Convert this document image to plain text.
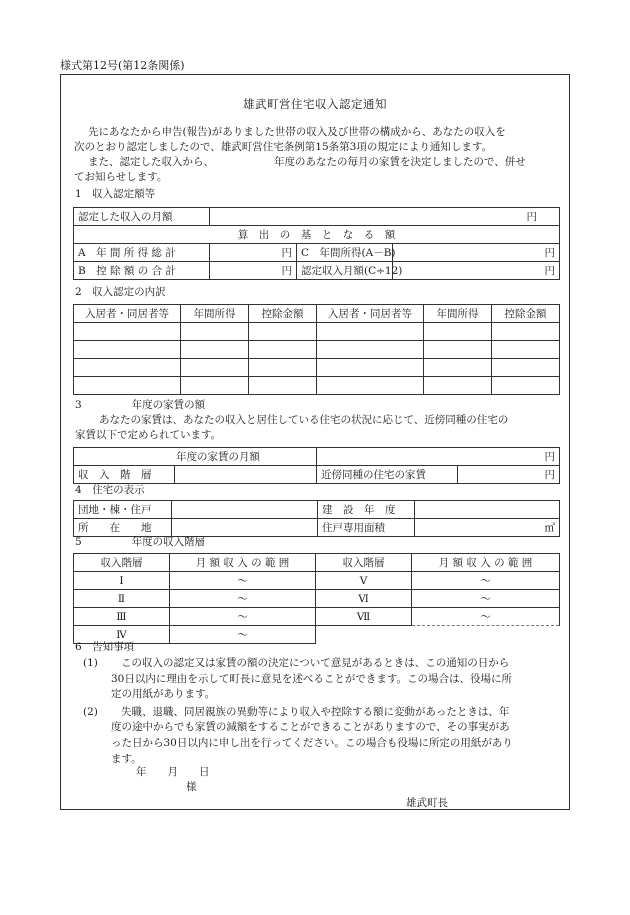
様式第12号(第12条関係)
雄武町営住宅収入認定通知
先にあなたから申告(報告)がありました世帯の収入及び世帯の構成から、あなたの収入を
次のとおり認定しましたので、雄武町営住宅条例第15条第3項の規定により通知します。
また、認定した収入から、	年度のあなたの毎月の家賃を決定しましたので、併せ
てお知らせします。
1　収入認定額等
認定した収入の月額	円
算　出　の　基　と　な　る　額
A　年 間 所 得 総 計	円	C　年間所得(A－B)	円
B　控 除 額 の 合 計	円	認定収入月額(C÷12)	円
2　収入認定の内訳
入居者・同居者等	年間所得	控除金額	入居者・同居者等	年間所得	控除金額

3	年度の家賃の額
あなたの家賃は、あなたの収入と居住している住宅の状況に応じて、近傍同種の住宅の
家賃以下で定められています。
年度の家賃の月額		円	
収　入　階　層		近傍同種の住宅の家賃	円
4　住宅の表示
団地・棟・住戸		建　設　年　度	
所　　在　　地		住戸専用面積	㎡
5	年度の収入階層
収入階層	月 額 収 入 の 範 囲	収入階層	月 額 収 入 の 範 囲
Ⅰ	～	Ⅴ	～
Ⅱ	～	Ⅵ	～
Ⅲ	～	Ⅶ	～
Ⅳ	～		
6　告知事項
(1)	この収入の認定又は家賃の額の決定について意見があるときは、この通知の日から
30日以内に理由を示して町長に意見を述べることができます。この場合は、役場に所
定の用紙があります。
(2)	失職、退職、同居親族の異動等により収入や控除する額に変動があったときは、年
度の途中からでも家賃の減額をすることができることがありますので、その事実があ
った日から30日以内に申し出を行ってください。この場合も役場に所定の用紙があり
ます。
年　　月　　日
様
雄武町長
